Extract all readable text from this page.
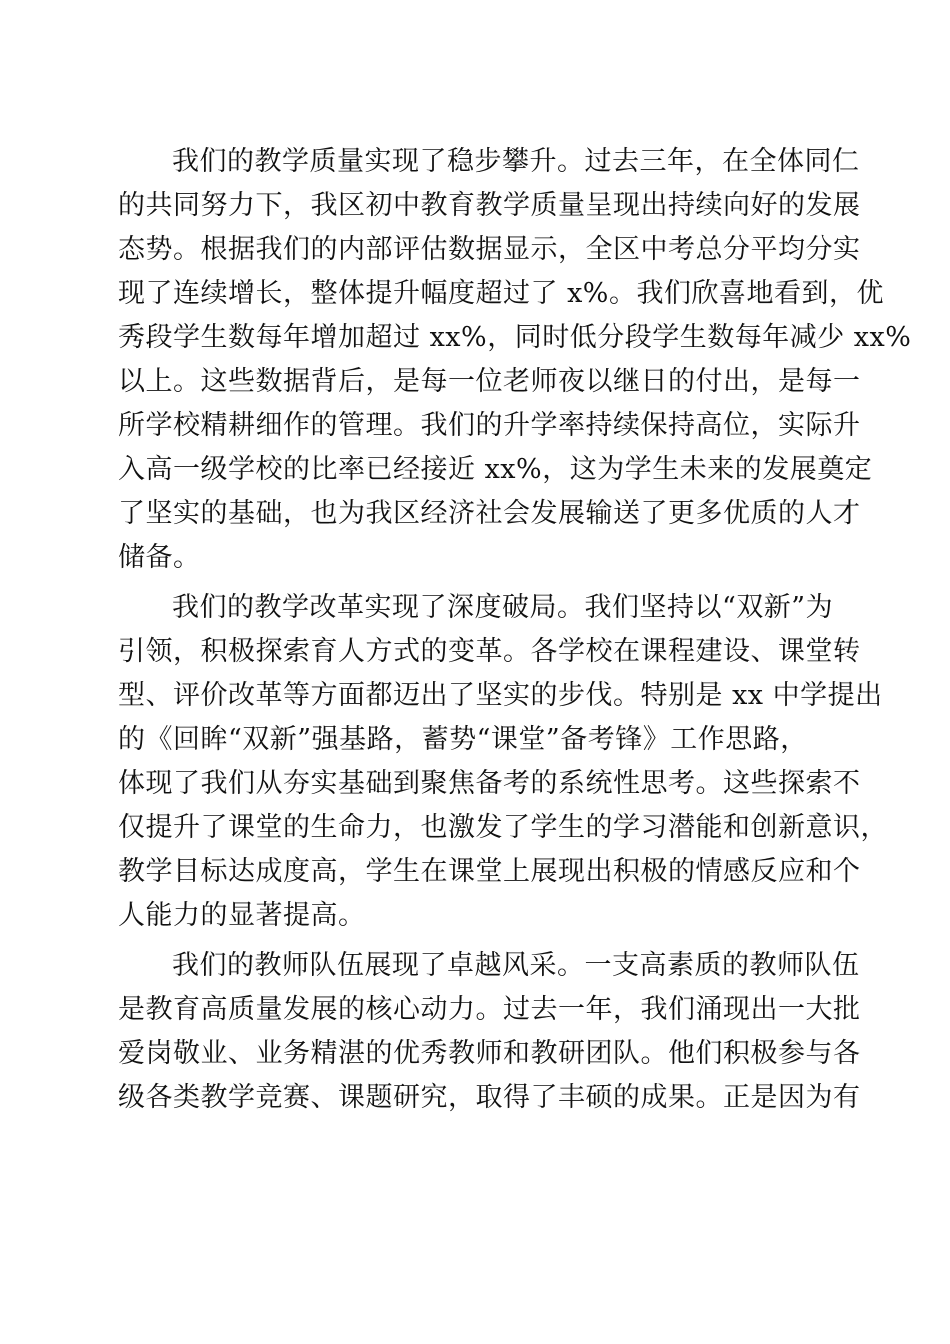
我们的教学质量实现了稳步攀升。过去三年，在全体同仁
的共同努力下，我区初中教育教学质量呈现出持续向好的发展
态势。根据我们的内部评估数据显示，全区中考总分平均分实
现了连续增长，整体提升幅度超过了 x%。我们欣喜地看到，优
秀段学生数每年增加超过 xx%，同时低分段学生数每年减少 xx%
以上。这些数据背后，是每一位老师夜以继日的付出，是每一
所学校精耕细作的管理。我们的升学率持续保持高位，实际升
入高一级学校的比率已经接近 xx%，这为学生未来的发展奠定
了坚实的基础，也为我区经济社会发展输送了更多优质的人才
储备。
我们的教学改革实现了深度破局。我们坚持以“双新”为
引领，积极探索育人方式的变革。各学校在课程建设、课堂转
型、评价改革等方面都迈出了坚实的步伐。特别是 xx 中学提出
的《回眸“双新”强基路，蓄势“课堂”备考锋》工作思路，
体现了我们从夯实基础到聚焦备考的系统性思考。这些探索不
仅提升了课堂的生命力，也激发了学生的学习潜能和创新意识，
教学目标达成度高，学生在课堂上展现出积极的情感反应和个
人能力的显著提高。
我们的教师队伍展现了卓越风采。一支高素质的教师队伍
是教育高质量发展的核心动力。过去一年，我们涌现出一大批
爱岗敬业、业务精湛的优秀教师和教研团队。他们积极参与各
级各类教学竞赛、课题研究，取得了丰硕的成果。正是因为有
